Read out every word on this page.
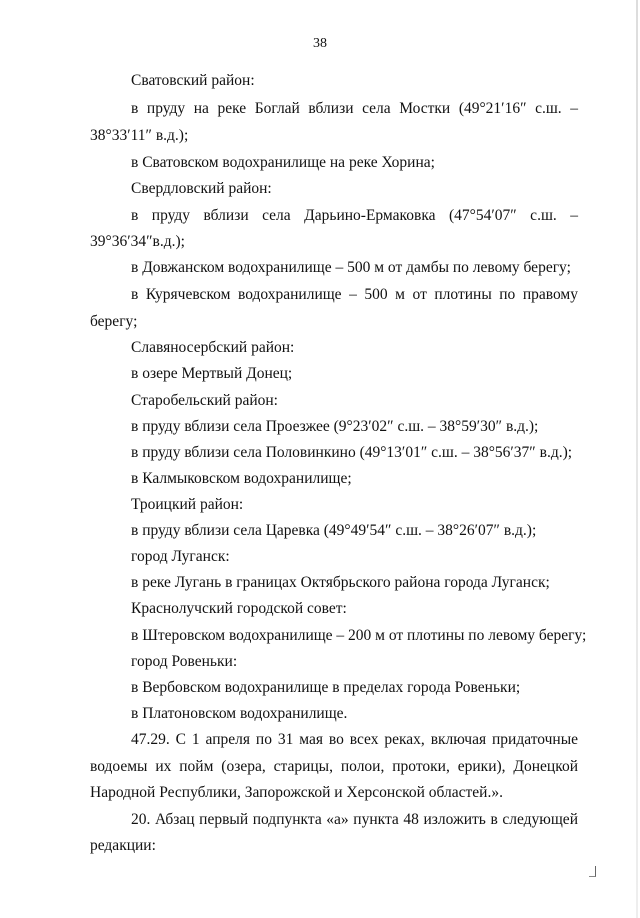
38
Сватовский район:
в пруду на реке Боглай вблизи села Мостки (49°21′16″ с.ш. –
38°33′11″ в.д.);
в Сватовском водохранилище на реке Хорина;
Свердловский район:
в пруду вблизи села Дарьино-Ермаковка (47°54′07″ с.ш. –
39°36′34″в.д.);
в Довжанском водохранилище – 500 м от дамбы по левому берегу;
в Курячевском водохранилище – 500 м от плотины по правому
берегу;
Славяносербский район:
в озере Мертвый Донец;
Старобельский район:
в пруду вблизи села Проезжее (9°23′02″ с.ш. – 38°59′30″ в.д.);
в пруду вблизи села Половинкино (49°13′01″ с.ш. – 38°56′37″ в.д.);
в Калмыковском водохранилище;
Троицкий район:
в пруду вблизи села Царевка (49°49′54″ с.ш. – 38°26′07″ в.д.);
город Луганск:
в реке Лугань в границах Октябрьского района города Луганск;
Краснолучский городской совет:
в Штеровском водохранилище – 200 м от плотины по левому берегу;
город Ровеньки:
в Вербовском водохранилище в пределах города Ровеньки;
в Платоновском водохранилище.
47.29. С 1 апреля по 31 мая во всех реках, включая придаточные
водоемы их пойм (озера, старицы, полои, протоки, ерики), Донецкой
Народной Республики, Запорожской и Херсонской областей.».
20. Абзац первый подпункта «а» пункта 48 изложить в следующей
редакции:
